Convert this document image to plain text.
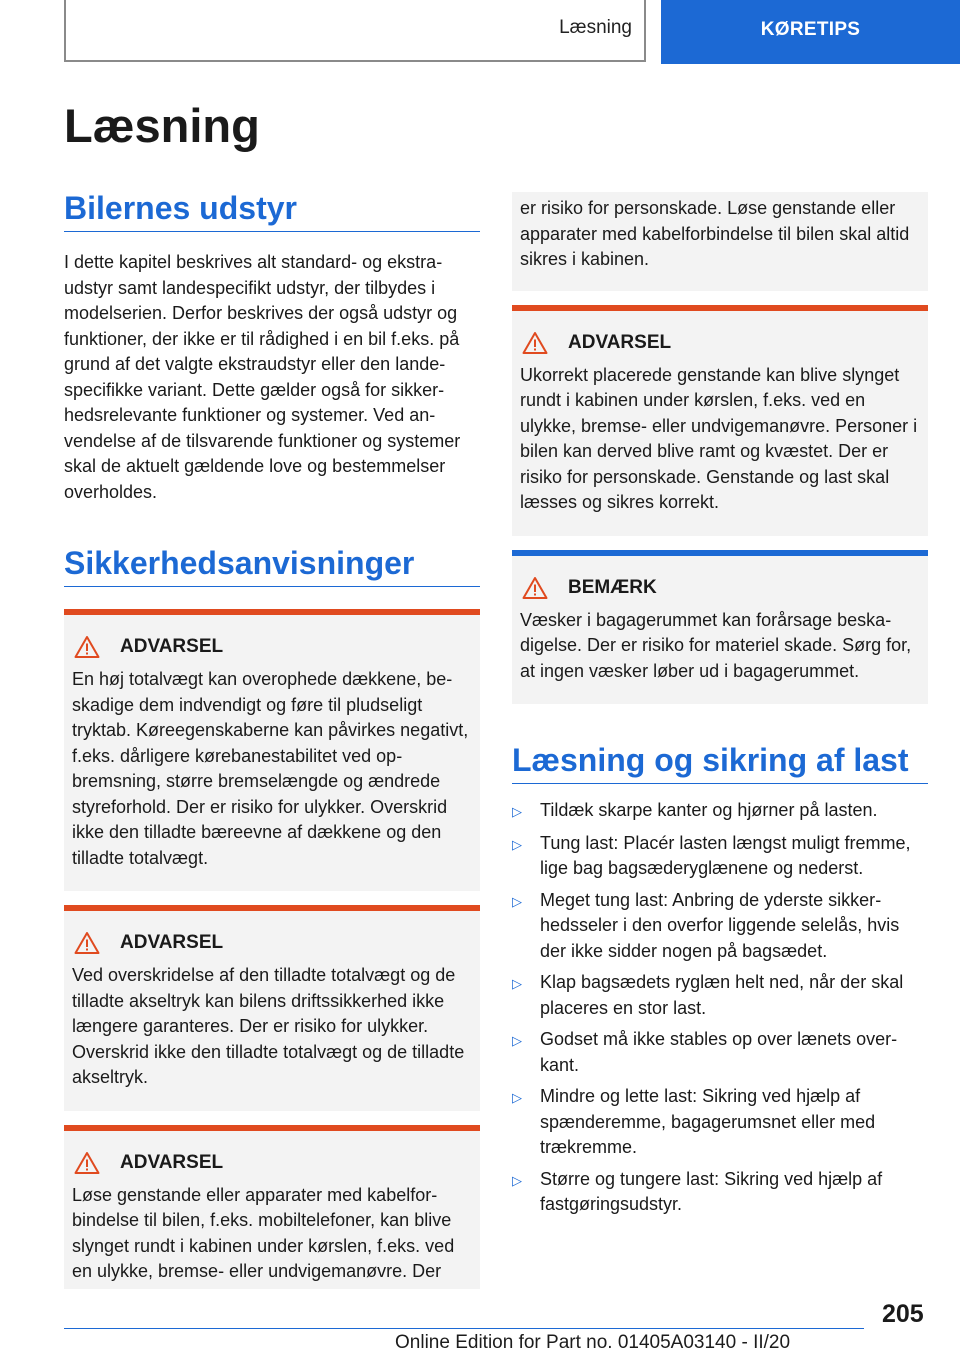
Læsning	KØRETIPS
Læsning
Bilernes udstyr

I dette kapitel beskrives alt standard- og ekstraudstyr samt landespecifikt udstyr, der tilbydes i modelserien. Derfor beskrives der også udstyr og funktioner, der ikke er til rådighed i en bil f.eks. på grund af det valgte ekstraudstyr eller den landespecifikke variant. Dette gælder også for sikkerhedsrelevante funktioner og systemer. Ved anvendelse af de tilsvarende funktioner og systemer skal de aktuelt gældende love og bestemmelser overholdes.

Sikkerhedsanvisninger
ADVARSEL

En høj totalvægt kan overophede dækkene, beskadige dem indvendigt og føre til pludseligt tryktab. Køreegenskaberne kan påvirkes negativt, f.eks. dårligere kørebanestabilitet ved opbremsning, større bremselængde og ændrede styreforhold. Der er risiko for ulykker. Overskrid ikke den tilladte bæreevne af dækkene og den tilladte totalvægt.

ADVARSEL

Ved overskridelse af den tilladte totalvægt og de tilladte akseltryk kan bilens driftssikkerhed ikke længere garanteres. Der er risiko for ulykker. Overskrid ikke den tilladte totalvægt og de tilladte akseltryk.

ADVARSEL

Løse genstande eller apparater med kabelforbindelse til bilen, f.eks. mobiltelefoner, kan blive slynget rundt i kabinen under kørslen, f.eks. ved en ulykke, bremse- eller undvigemanøvre. Der

er risiko for personskade. Løse genstande eller apparater med kabelforbindelse til bilen skal altid sikres i kabinen.

ADVARSEL

Ukorrekt placerede genstande kan blive slynget rundt i kabinen under kørslen, f.eks. ved en ulykke, bremse- eller undvigemanøvre. Personer i bilen kan derved blive ramt og kvæstet. Der er risiko for personskade. Genstande og last skal læsses og sikres korrekt.

BEMÆRK

Væsker i bagagerummet kan forårsage beskadigelse. Der er risiko for materiel skade. Sørg for, at ingen væsker løber ud i bagagerummet.

Læsning og sikring af last
▷	Tildæk skarpe kanter og hjørner på lasten.
▷	Tung last: Placér lasten længst muligt fremme, lige bag bagsæderyglænene og nederst.
▷	Meget tung last: Anbring de yderste sikkerhedsseler i den overfor liggende selelås, hvis der ikke sidder nogen på bagsædet.
▷	Klap bagsædets ryglæn helt ned, når der skal placeres en stor last.
▷	Godset må ikke stables op over lænets overkant.
▷	Mindre og lette last: Sikring ved hjælp af spænderemme, bagagerumsnet eller med trækremme.
▷	Større og tungere last: Sikring ved hjælp af fastgøringsudstyr.

205

Online Edition for Part no. 01405A03140 - II/20
